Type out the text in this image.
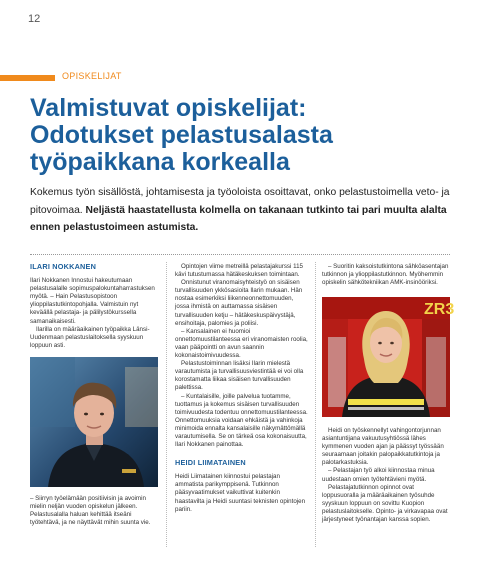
12
OPISKELIJAT
Valmistuvat opiskelijat:
Odotukset pelastusalasta
työpaikkana korkealla
Kokemus työn sisällöstä, johtamisesta ja työoloista osoittavat, onko pelastustoimella veto- ja pitovoimaa. Neljästä haastatellusta kolmella on takanaan tutkinto tai pari muulta alalta ennen pelastustoimeen astumista.
ILARI NOKKANEN

Ilari Nokkanen Innostui hakeutumaan pelastusalalle sopimuspalokuntaharrastuksen myötä. – Hain Pelastusopistoon ylioppilastutkintopohjalla. Valmistuin nyt keväällä pelastaja- ja pälilystökurssella samanaikaisesti.

Ilarilla on määräaikainen työpaikka Länsi-Uudenmaan pelastuslaitoksella syyskuun loppuun asti.

– Siirryn työelämään positiivisin ja avoimin mielin neljän vuoden opiskelun jälkeen. Pelastusalalla haluan kehittää itseäni työtehtävä, ja ne näyttävät mihin suunta vie.

Opintojen viime metreillä pelastajakurssi 115 kävi tutustumassa hätäkeskuksen toimintaan.

Onnistunut viranomaisyhteistyö on sisäisen turvallisuuden ykkösasioita Ilarin mukaan. Hän nostaa esimerkiksi liikenneonnettomuuden, jossa ihmistä on auttamassa sisäisen turvallisuuden ketju – hätäkeskuspäivystäjä, ensihoitaja, palomies ja poliisi.

– Kansalainen ei huomioi onnettomuustilanteessa eri viranomaisten roolia, vaan pääpointti on avun saannin kokonaistoimivuudessa.

Pelastustoiminnan lisäksi Ilarin mielestä varautumista ja turvallisuusviestintää ei voi olla korostamatta liikaa sisäisen turvallisuuden palettissa.

– Kuntalaisille, joille palvelua tuotamme, tuottamus ja kokemus sisäisen turvallisuuden toimivuudesta todentuu onnettomuustilanteessa. Onnettomuuksia voidaan ehkäistä ja vahinkoja minimoida ennalta kansalaisille näkymättömällä varautumisella. Se on tärkeä osa kokonaisuutta, Ilari Nokkanen painottaa.

HEIDI LIIMATAINEN

Heidi Liimatainen kiinnostui pelastajan ammatista parikymppisenä. Tutkinnon pääsyvaatimukset vaikuttivat kuitenkin haastavilta ja Heidi suuntasi teknisten opintojen pariin.

– Suoritin kaksoistutkintona sähköasentajan tutkinnon ja ylioppilastutkinnon. Myöhemmin opiskelin sähkötekniikan AMK-insinööriksi.

ZR3

Heidi on työskennellyt vahingontorjunnan asiantuntijana vakuutusyhtiössä lähes kymmenen vuoden ajan ja päässyt työssään seuraamaan joitakin palopaikkatutkintoja ja palotarkastuksia.

– Pelastajan työ alkoi kiinnostaa minua uudestaan omien työtehtävieni myötä.

Pelastajatutkinnon opinnot ovat loppusuoralla ja määräaikainen työsuhde syyskuun loppuun on sovittu Kuopion pelastuslaitokselle. Opinto- ja virkavapaa ovat järjestyneet työnantajan kanssa sopien.
